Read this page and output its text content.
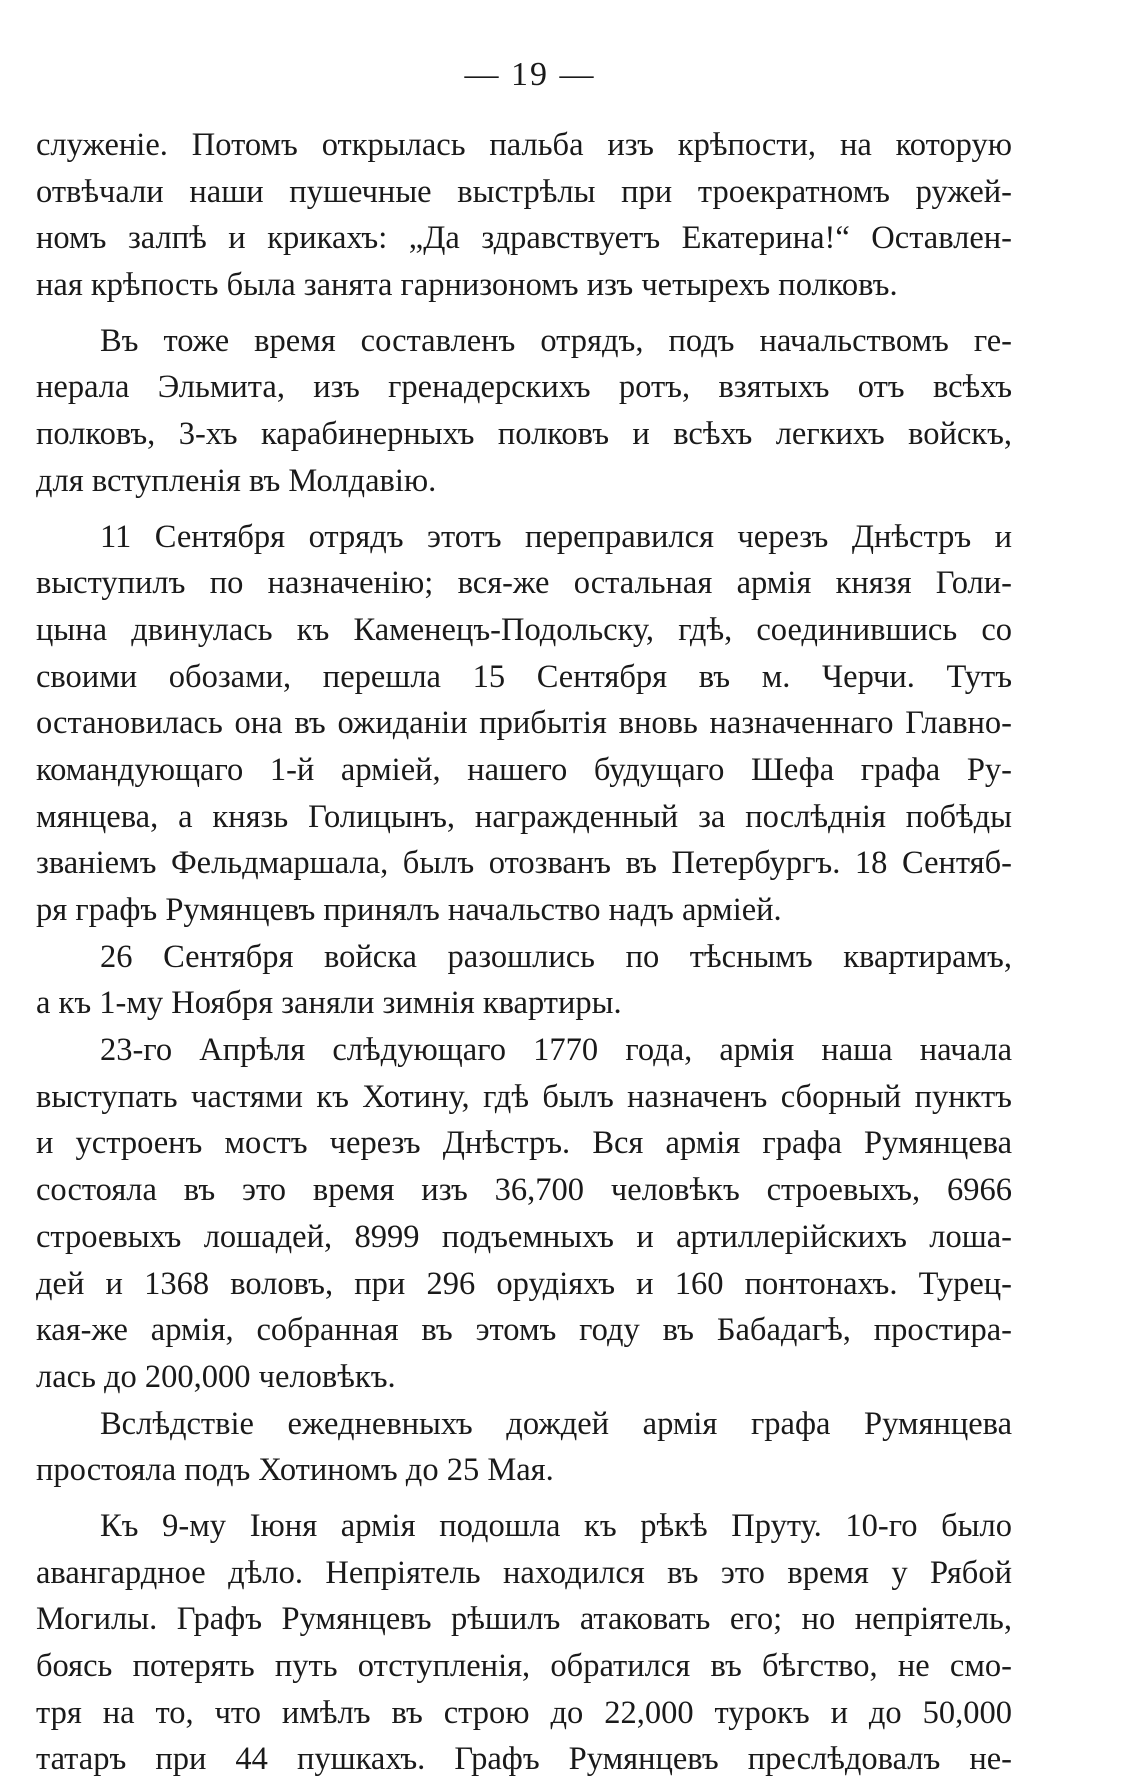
— 19 —
служеніе. Потомъ открылась пальба изъ крѣпости, на которую
отвѣчали наши пушечные выстрѣлы при троекратномъ ружей-
номъ залпѣ и крикахъ: „Да здравствуетъ Екатерина!“ Оставлен-
ная крѣпость была занята гарнизономъ изъ четырехъ полковъ.
Въ тоже время составленъ отрядъ, подъ начальствомъ ге-
нерала Эльмита, изъ гренадерскихъ ротъ, взятыхъ отъ всѣхъ
полковъ, 3-хъ карабинерныхъ полковъ и всѣхъ легкихъ войскъ,
для вступленія въ Молдавію.
11 Сентября отрядъ этотъ переправился черезъ Днѣстръ и
выступилъ по назначенію; вся-же остальная армія князя Голи-
цына двинулась къ Каменецъ-Подольску, гдѣ, соединившись со
своими обозами, перешла 15 Сентября въ м. Черчи. Тутъ
остановилась она въ ожиданіи прибытія вновь назначеннаго Главно-
командующаго 1-й арміей, нашего будущаго Шефа графа Ру-
мянцева, а князь Голицынъ, награжденный за послѣднія побѣды
званіемъ Фельдмаршала, былъ отозванъ въ Петербургъ. 18 Сентяб-
ря графъ Румянцевъ принялъ начальство надъ арміей.
26 Сентября войска разошлись по тѣснымъ квартирамъ,
а къ 1-му Ноября заняли зимнія квартиры.
23-го Апрѣля слѣдующаго 1770 года, армія наша начала
выступать частями къ Хотину, гдѣ былъ назначенъ сборный пунктъ
и устроенъ мостъ черезъ Днѣстръ. Вся армія графа Румянцева
состояла въ это время изъ 36,700 человѣкъ строевыхъ, 6966
строевыхъ лошадей, 8999 подъемныхъ и артиллерійскихъ лоша-
дей и 1368 воловъ, при 296 орудіяхъ и 160 понтонахъ. Турец-
кая-же армія, собранная въ этомъ году въ Бабадагѣ, простира-
лась до 200,000 человѣкъ.
Вслѣдствіе ежедневныхъ дождей армія графа Румянцева
простояла подъ Хотиномъ до 25 Мая.
Къ 9-му Іюня армія подошла къ рѣкѣ Пруту. 10-го было
авангардное дѣло. Непріятель находился въ это время у Рябой
Могилы. Графъ Румянцевъ рѣшилъ атаковать его; но непріятель,
боясь потерять путь отступленія, обратился въ бѣгство, не смо-
тря на то, что имѣлъ въ строю до 22,000 турокъ и до 50,000
татаръ при 44 пушкахъ. Графъ Румянцевъ преслѣдовалъ не-
